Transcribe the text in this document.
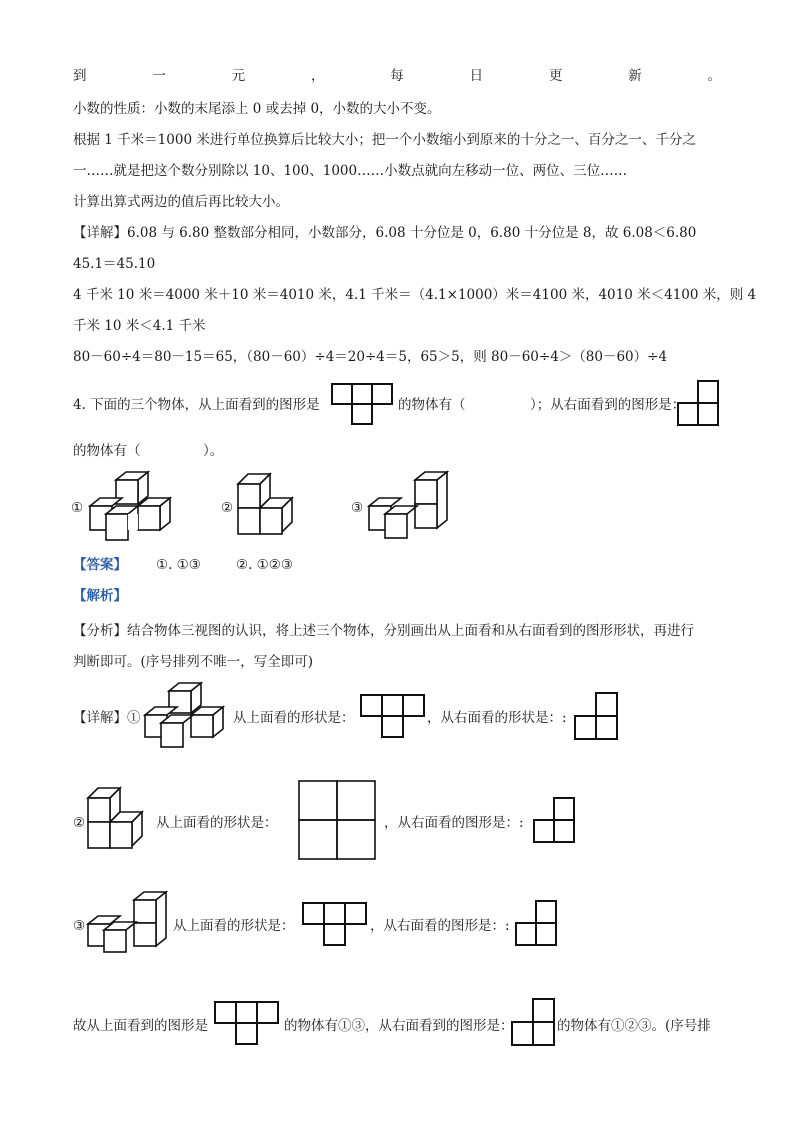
到	一	元	，	每	日	更	新	。
小数的性质：小数的末尾添上 0 或去掉 0，小数的大小不变。
根据 1 千米＝1000 米进行单位换算后比较大小；把一个小数缩小到原来的十分之一、百分之一、千分之
一……就是把这个数分别除以 10、100、1000……小数点就向左移动一位、两位、三位……
计算出算式两边的值后再比较大小。
【详解】6.08 与 6.80 整数部分相同，小数部分，6.08 十分位是 0，6.80 十分位是 8，故 6.08＜6.80
45.1＝45.10
4 千米 10 米＝4000 米＋10 米＝4010 米，4.1 千米＝（4.1×1000）米＝4100 米，4010 米＜4100 米，则 4
千米 10 米＜4.1 千米
80－60÷4＝80－15＝65，（80－60）÷4＝20÷4＝5，65＞5，则 80－60÷4＞（80－60）÷4
4. 下面的三个物体，从上面看到的图形是	的物体有（	）；从右面看到的图形是：
的物体有（	）。
①	②	③
【答案】 ①. ①③	②. ①②③
【解析】
【分析】结合物体三视图的认识，将上述三个物体，分别画出从上面看和从右面看到的图形形状，再进行
判断即可。(序号排列不唯一，写全即可)
【详解】①	从上面看的形状是：	，从右面看的形状是：:
②	从上面看的形状是：	，从右面看的图形是：:
③	从上面看的形状是：	，从右面看的图形是：:
故从上面看到的图形是	的物体有①③，从右面看到的图形是：	的物体有①②③。(序号排
